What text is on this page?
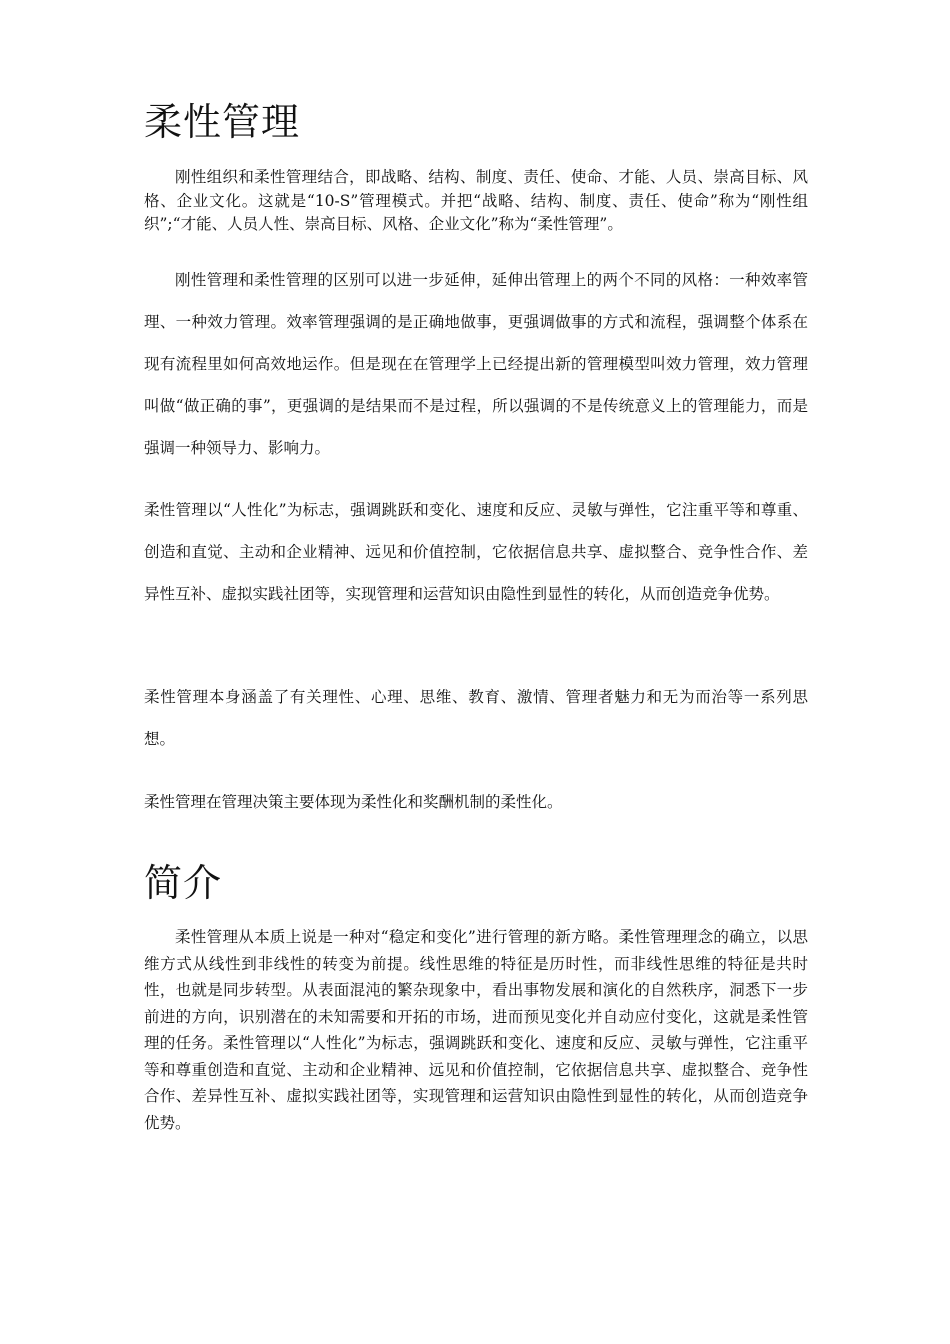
柔性管理

刚性组织和柔性管理结合，即战略、结构、制度、责任、使命、才能、人员、崇高目标、风格、企业文化。这就是“10-S”管理模式。并把“战略、结构、制度、责任、使命”称为“刚性组织”;“才能、人员人性、崇高目标、风格、企业文化”称为“柔性管理”。

刚性管理和柔性管理的区别可以进一步延伸，延伸出管理上的两个不同的风格：一种效率管理、一种效力管理。效率管理强调的是正确地做事，更强调做事的方式和流程，强调整个体系在现有流程里如何高效地运作。但是现在在管理学上已经提出新的管理模型叫效力管理，效力管理叫做“做正确的事”，更强调的是结果而不是过程，所以强调的不是传统意义上的管理能力，而是强调一种领导力、影响力。

柔性管理以“人性化”为标志，强调跳跃和变化、速度和反应、灵敏与弹性，它注重平等和尊重、创造和直觉、主动和企业精神、远见和价值控制，它依据信息共享、虚拟整合、竞争性合作、差异性互补、虚拟实践社团等，实现管理和运营知识由隐性到显性的转化，从而创造竞争优势。

柔性管理本身涵盖了有关理性、心理、思维、教育、激情、管理者魅力和无为而治等一系列思想。

柔性管理在管理决策主要体现为柔性化和奖酬机制的柔性化。

简介

柔性管理从本质上说是一种对“稳定和变化”进行管理的新方略。柔性管理理念的确立，以思维方式从线性到非线性的转变为前提。线性思维的特征是历时性，而非线性思维的特征是共时性，也就是同步转型。从表面混沌的繁杂现象中，看出事物发展和演化的自然秩序，洞悉下一步前进的方向，识别潜在的未知需要和开拓的市场，进而预见变化并自动应付变化，这就是柔性管理的任务。柔性管理以“人性化”为标志，强调跳跃和变化、速度和反应、灵敏与弹性，它注重平等和尊重创造和直觉、主动和企业精神、远见和价值控制，它依据信息共享、虚拟整合、竞争性合作、差异性互补、虚拟实践社团等，实现管理和运营知识由隐性到显性的转化，从而创造竞争优势。
